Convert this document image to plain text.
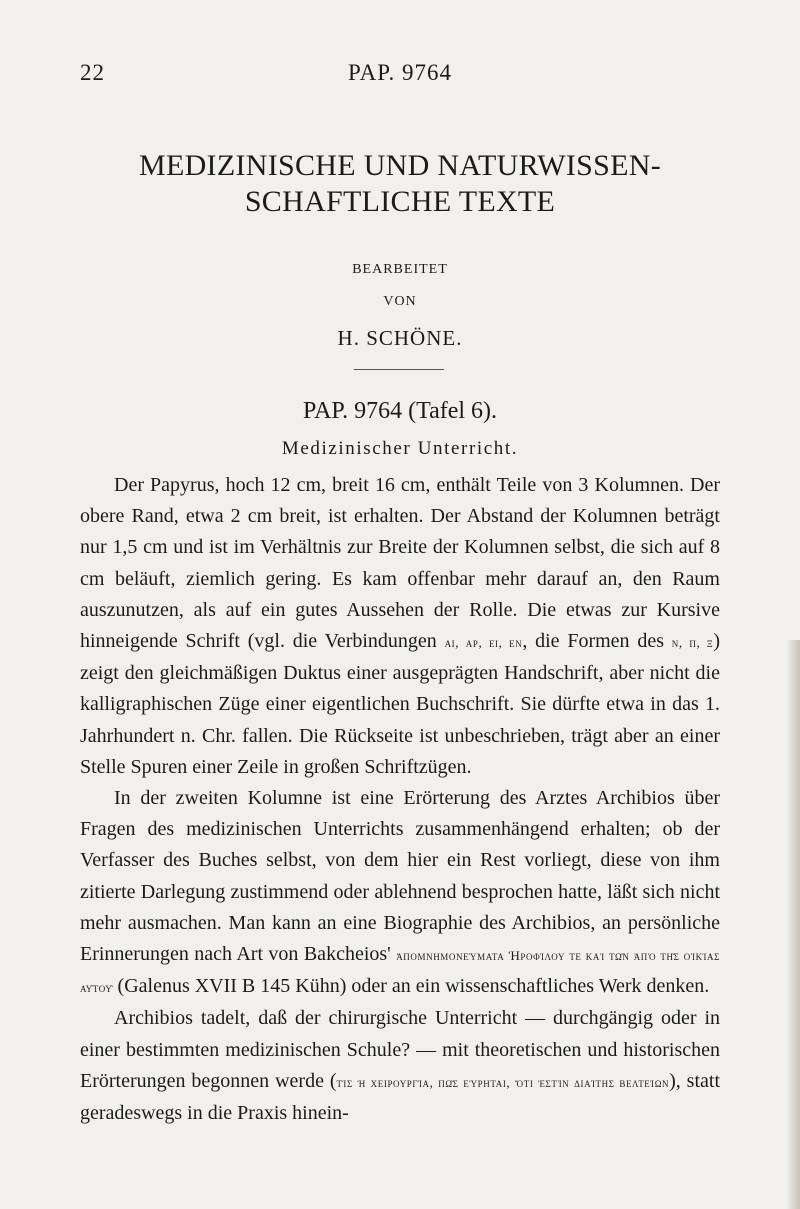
22	PAP. 9764
MEDIZINISCHE UND NATURWISSEN-
SCHAFTLICHE TEXTE
BEARBEITET
VON
H. SCHÖNE.
PAP. 9764 (Tafel 6).
Medizinischer Unterricht.

Der Papyrus, hoch 12 cm, breit 16 cm, enthält Teile von 3 Kolumnen. Der obere Rand, etwa 2 cm breit, ist erhalten. Der Abstand der Kolumnen beträgt nur 1,5 cm und ist im Verhältnis zur Breite der Kolumnen selbst, die sich auf 8 cm beläuft, ziemlich gering. Es kam offenbar mehr darauf an, den Raum auszunutzen, als auf ein gutes Aussehen der Rolle. Die etwas zur Kursive hinneigende Schrift (vgl. die Verbindungen αι, αρ, ει, εν, die Formen des ν, π, ξ) zeigt den gleichmäßigen Duktus einer ausgeprägten Handschrift, aber nicht die kalligraphischen Züge einer eigentlichen Buchschrift. Sie dürfte etwa in das 1. Jahrhundert n. Chr. fallen. Die Rückseite ist unbeschrieben, trägt aber an einer Stelle Spuren einer Zeile in großen Schriftzügen.

In der zweiten Kolumne ist eine Erörterung des Arztes Archibios über Fragen des medizinischen Unterrichts zusammenhängend erhalten; ob der Verfasser des Buches selbst, von dem hier ein Rest vorliegt, diese von ihm zitierte Darlegung zustimmend oder ablehnend besprochen hatte, läßt sich nicht mehr ausmachen. Man kann an eine Biographie des Archibios, an persönliche Erinnerungen nach Art von Bakcheios' ἀπομνημονεύματα Ἡροφίλου τε καὶ τῶν ἀπὸ τῆς οἰκίας αὐτοῦ (Galenus XVII B 145 Kühn) oder an ein wissenschaftliches Werk denken.

Archibios tadelt, daß der chirurgische Unterricht — durchgängig oder in einer bestimmten medizinischen Schule? — mit theoretischen und historischen Erörterungen begonnen werde (τίς ἡ χειρουργία, πῶς εὑρηται, ὅτι ἐστὶν διαίτης βελτείων), statt geradeswegs in die Praxis hinein-
